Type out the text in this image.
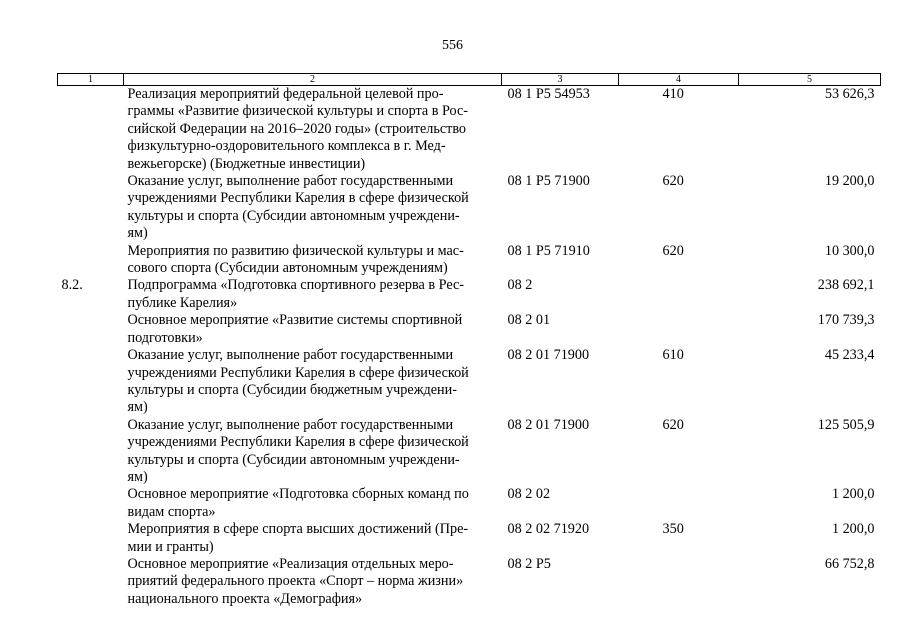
556
1	2	3	4	5
	Реализация мероприятий федеральной целевой про-
граммы «Развитие физической культуры и спорта в Рос-
сийской Федерации на 2016–2020 годы» (строительство
физкультурно-оздоровительного комплекса в г. Мед-
вежьегорске) (Бюджетные инвестиции)	08 1 P5 54953	410	53 626,3
	Оказание услуг, выполнение работ государственными
учреждениями Республики Карелия в сфере физической
культуры и спорта (Субсидии автономным учреждени-
ям)	08 1 P5 71900	620	19 200,0
	Мероприятия по развитию физической культуры и мас-
сового спорта (Субсидии автономным учреждениям)	08 1 P5 71910	620	10 300,0
8.2.	Подпрограмма «Подготовка спортивного резерва в Рес-
публике Карелия»	08 2		238 692,1
	Основное мероприятие «Развитие системы спортивной
подготовки»	08 2 01		170 739,3
	Оказание услуг, выполнение работ государственными
учреждениями Республики Карелия в сфере физической
культуры и спорта (Субсидии бюджетным учреждени-
ям)	08 2 01 71900	610	45 233,4
	Оказание услуг, выполнение работ государственными
учреждениями Республики Карелия в сфере физической
культуры и спорта (Субсидии автономным учреждени-
ям)	08 2 01 71900	620	125 505,9
	Основное мероприятие «Подготовка сборных команд по
видам спорта»	08 2 02		1 200,0
	Мероприятия в сфере спорта высших достижений (Пре-
мии и гранты)	08 2 02 71920	350	1 200,0
	Основное мероприятие «Реализация отдельных меро-
приятий федерального проекта «Спорт – норма жизни»
национального проекта «Демография»	08 2 P5		66 752,8
